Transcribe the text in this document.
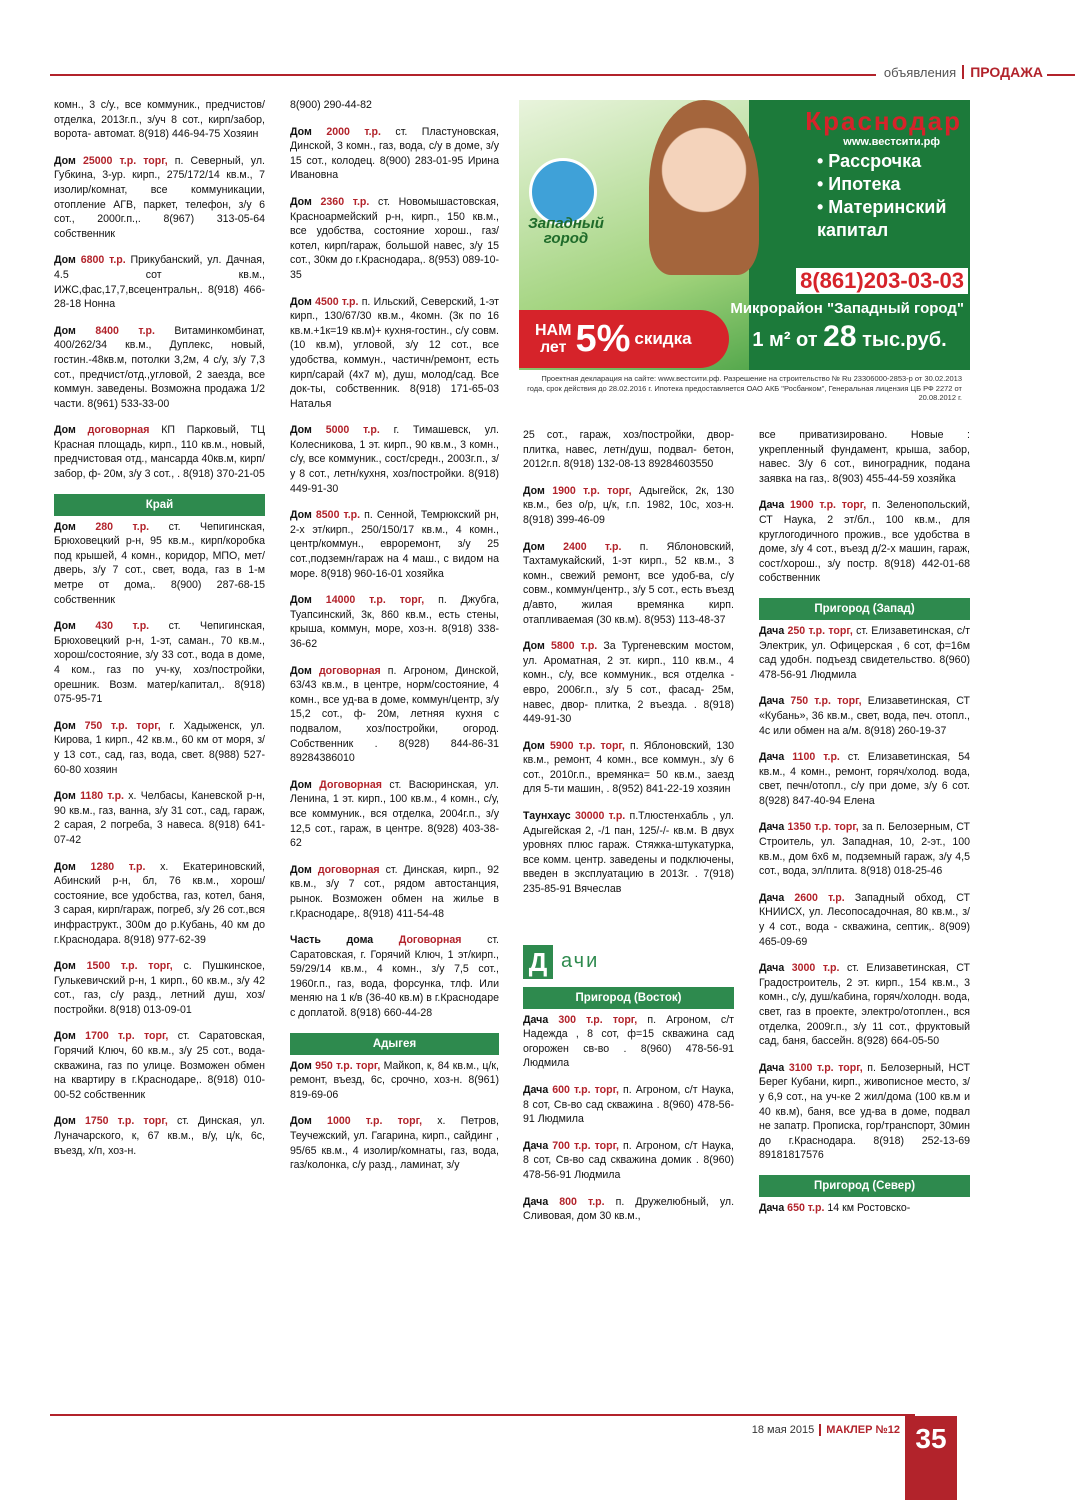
объявления ПРОДАЖА
комн., 3 с/у., все коммуник., предчистов/отделка, 2013г.п., з/уч 8 сот., кирп/забор, ворота- автомат. 8(918) 446-94-75 Хозяин
Дом 25000 т.р. торг, п. Северный, ул. Губкина, 3-ур. кирп., 275/172/14 кв.м., 7 изолир/комнат, все коммуникации, отопление АГВ, паркет, телефон, з/у 6 сот., 2000г.п.,. 8(967) 313-05-64 собственник
Дом 6800 т.р. Прикубанский, ул. Дачная, 4.5 сот кв.м., ИЖС,фас,17,7,всецентральн,. 8(918) 466-28-18 Нонна
Дом 8400 т.р. Витаминкомбинат, 400/262/34 кв.м., Дуплекс, новый, гостин.-48кв.м, потолки 3,2м, 4 с/у, з/у 7,3 сот., предчист/отд.,угловой, 2 заезда, все коммун. заведены. Возможна продажа 1/2 части. 8(961) 533-33-00
Дом договорная КП Парковый, ТЦ Красная площадь, кирп., 110 кв.м., новый, предчистовая отд., мансарда 40кв.м, кирп/забор, ф- 20м, з/у 3 сот., . 8(918) 370-21-05
Край
Дом 280 т.р. ст. Чепигинская, Брюховецкий р-н, 95 кв.м., кирп/коробка под крышей, 4 комн., коридор, МПО, мет/дверь, з/у 7 сот., свет, вода, газ в 1-м метре от дома,. 8(900) 287-68-15 собственник
Дом 430 т.р. ст. Чепигинская, Брюховецкий р-н, 1-эт, саман., 70 кв.м., хорош/состояние, з/у 33 сот., вода в доме, 4 ком., газ по уч-ку, хоз/постройки, орешник. Возм. матер/капитал,. 8(918) 075-95-71
Дом 750 т.р. торг, г. Хадыженск, ул. Кирова, 1 кирп., 42 кв.м., 60 км от моря, з/у 13 сот., сад, газ, вода, свет. 8(988) 527-60-80 хозяин
Дом 1180 т.р. х. Челбасы, Каневской р-н, 90 кв.м., газ, ванна, з/у 31 сот., сад, гараж, 2 сарая, 2 погреба, 3 навеса. 8(918) 641-07-42
Дом 1280 т.р. х. Екатериновский, Абинский р-н, бл, 76 кв.м., хорош/состояние, все удобства, газ, котел, баня, 3 сарая, кирп/гараж, погреб, з/у 26 сот.,вся инфраструкт., 300м до р.Кубань, 40 км до г.Краснодара. 8(918) 977-62-39
Дом 1500 т.р. торг, с. Пушкинское, Гулькевичский р-н, 1 кирп., 60 кв.м., з/у 42 сот., газ, с/у разд., летний душ, хоз/постройки. 8(918) 013-09-01
Дом 1700 т.р. торг, ст. Саратовская, Горячий Ключ, 60 кв.м., з/у 25 сот., вода- скважина, газ по улице. Возможен обмен на квартиру в г.Краснодаре,. 8(918) 010-00-52 собственник
Дом 1750 т.р. торг, ст. Динская, ул. Луначарского, к, 67 кв.м., в/у, ц/к, 6с, въезд, х/п, хоз-н.
8(900) 290-44-82
Дом 2000 т.р. ст. Пластуновская, Динской, 3 комн., газ, вода, с/у в доме, з/у 15 сот., колодец. 8(900) 283-01-95 Ирина Ивановна
Дом 2360 т.р. ст. Новомышастовская, Красноармейский р-н, кирп., 150 кв.м., все удобства, состояние хорош., газ/котел, кирп/гараж, большой навес, з/у 15 сот., 30км до г.Краснодара,. 8(953) 089-10-35
Дом 4500 т.р. п. Ильский, Северский, 1-эт кирп., 130/67/30 кв.м., 4комн. (3к по 16 кв.м.+1к=19 кв.м)+ кухня-гостин., с/у совм. (10 кв.м), угловой, з/у 12 сот., все удобства, коммун., частичн/ремонт, есть кирп/сарай (4х7 м), душ, молод/сад. Все док-ты, собственник. 8(918) 171-65-03 Наталья
Дом 5000 т.р. г. Тимашевск, ул. Колесникова, 1 эт. кирп., 90 кв.м., 3 комн., с/у, все коммуник., сост/средн., 2003г.п., з/у 8 сот., летн/кухня, хоз/постройки. 8(918) 449-91-30
Дом 8500 т.р. п. Сенной, Темрюкский рн, 2-х эт/кирп., 250/150/17 кв.м., 4 комн., центр/коммун., евроремонт, з/у 25 сот.,подземн/гараж на 4 маш., с видом на море. 8(918) 960-16-01 хозяйка
Дом 14000 т.р. торг, п. Джубга, Туапсинский, 3к, 860 кв.м., есть стены, крыша, коммун, море, хоз-н. 8(918) 338-36-62
Дом договорная п. Агроном, Динской, 63/43 кв.м., в центре, норм/состояние, 4 комн., все уд-ва в доме, коммун/центр, з/у 15,2 сот., ф- 20м, летняя кухня с подвалом, хоз/постройки, огород. Собственник . 8(928) 844-86-31 89284386010
Дом Договорная ст. Васюринская, ул. Ленина, 1 эт. кирп., 100 кв.м., 4 комн., с/у, все коммуник., вся отделка, 2004г.п., з/у 12,5 сот., гараж, в центре. 8(928) 403-38-62
Дом договорная ст. Динская, кирп., 92 кв.м., з/у 7 сот., рядом автостанция, рынок. Возможен обмен на жилье в г.Краснодаре,. 8(918) 411-54-48
Часть дома Договорная ст. Саратовская, г. Горячий Ключ, 1 эт/кирп., 59/29/14 кв.м., 4 комн., з/у 7,5 сот., 1960г.п., газ, вода, форсунка, тлф. Или меняю на 1 к/в (36-40 кв.м) в г.Краснодаре с доплатой. 8(918) 660-44-28
Адыгея
Дом 950 т.р. торг, Майкоп, к, 84 кв.м., ц/к, ремонт, въезд, 6с, срочно, хоз-н. 8(961) 819-69-06
Дом 1000 т.р. торг, х. Петров, Теучежский, ул. Гагарина, кирп., сайдинг , 95/65 кв.м., 4 изолир/комнаты, газ, вода, газ/колонка, с/у разд., ламинат, з/у
Западный город
Краснодар
www.вестсити.рф
• Рассрочка
• Ипотека
• Материнский
капитал
8(861)203-03-03
Микрорайон "Западный город"
НАМ
лет 5% скидка	1 м² от 28 тыс.руб.
Проектная декларация на сайте: www.вестсити.рф. Разрешение на строительство № Ru 23306000-2853-р от 30.02.2013 года, срок действия до 28.02.2016 г. Ипотека предоставляется ОАО АКБ "Росбанком", Генеральная лицензия ЦБ РФ 2272 от 20.08.2012 г.
25 сот., гараж, хоз/постройки, двор- плитка, навес, летн/душ, подвал- бетон, 2012г.п. 8(918) 132-08-13 89284603550
Дом 1900 т.р. торг, Адыгейск, 2к, 130 кв.м., без о/р, ц/к, г.п. 1982, 10с, хоз-н. 8(918) 399-46-09
Дом 2400 т.р. п. Яблоновский, Тахтамукайский, 1-эт кирп., 52 кв.м., 3 комн., свежий ремонт, все удоб-ва, с/у совм., коммун/центр., з/у 5 сот., есть въезд д/авто, жилая времянка кирп. отапливаемая (30 кв.м). 8(953) 113-48-37
Дом 5800 т.р. За Тургеневским мостом, ул. Ароматная, 2 эт. кирп., 110 кв.м., 4 комн., с/у, все коммуник., вся отделка - евро, 2006г.п., з/у 5 сот., фасад- 25м, навес, двор- плитка, 2 въезда. . 8(918) 449-91-30
Дом 5900 т.р. торг, п. Яблоновский, 130 кв.м., ремонт, 4 комн., все коммун., з/у 6 сот., 2010г.п., времянка= 50 кв.м., заезд для 5-ти машин, . 8(952) 841-22-19 хозяин
Таунхаус 30000 т.р. п.Тлюстенхабль , ул. Адыгейская 2, -/1 пан, 125/-/- кв.м. В двух уровнях плюс гараж. Стяжка-штукатурка, все комм. центр. заведены и подключены, введен в эксплуатацию в 2013г. . 7(918) 235-85-91 Вячеслав
Д ачи
Пригород (Восток)
Дача 300 т.р. торг, п. Агроном, с/т Надежда , 8 сот, ф=15 скважина сад огорожен св-во . 8(960) 478-56-91 Людмила
Дача 600 т.р. торг, п. Агроном, с/т Наука, 8 сот, Св-во сад скважина . 8(960) 478-56-91 Людмила
Дача 700 т.р. торг, п. Агроном, с/т Наука, 8 сот, Св-во сад скважина домик . 8(960) 478-56-91 Людмила
Дача 800 т.р. п. Дружелюбный, ул. Сливовая, дом 30 кв.м.,
все приватизировано. Новые : укрепленный фундамент, крыша, забор, навес. З/у 6 сот., виноградник, подана заявка на газ,. 8(903) 455-44-59 хозяйка
Дача 1900 т.р. торг, п. Зеленопольский, СТ Наука, 2 эт/бл., 100 кв.м., для круглогодичного прожив., все удобства в доме, з/у 4 сот., въезд д/2-х машин, гараж, сост/хорош., з/у постр. 8(918) 442-01-68 собственник
Пригород (Запад)
Дача 250 т.р. торг, ст. Елизаветинская, с/т Электрик, ул. Офицерская , 6 сот, ф=16м сад удобн. подъезд свидетельство. 8(960) 478-56-91 Людмила
Дача 750 т.р. торг, Елизаветинская, СТ «Кубань», 36 кв.м., свет, вода, печ. отопл., 4с или обмен на а/м. 8(918) 260-19-37
Дача 1100 т.р. ст. Елизаветинская, 54 кв.м., 4 комн., ремонт, горяч/холод. вода, свет, печн/отопл., с/у при доме, з/у 6 сот. 8(928) 847-40-94 Елена
Дача 1350 т.р. торг, за п. Белозерным, СТ Строитель, ул. Западная, 10, 2-эт., 100 кв.м., дом 6х6 м, подземный гараж, з/у 4,5 сот., вода, эл/плита. 8(918) 018-25-46
Дача 2600 т.р. Западный обход, СТ КНИИСХ, ул. Лесопосадочная, 80 кв.м., з/у 4 сот., вода - скважина, септик,. 8(909) 465-09-69
Дача 3000 т.р. ст. Елизаветинская, СТ Градостроитель, 2 эт. кирп., 154 кв.м., 3 комн., с/у, душ/кабина, горяч/холодн. вода, свет, газ в проекте, электро/отоплен., вся отделка, 2009г.п., з/у 11 сот., фруктовый сад, баня, бассейн. 8(928) 664-05-50
Дача 3100 т.р. торг, п. Белозерный, НСТ Берег Кубани, кирп., живописное место, з/у 6,9 сот., на уч-ке 2 жил/дома (100 кв.м и 40 кв.м), баня, все уд-ва в доме, подвал не запатр. Прописка, гор/транспорт, 30мин до г.Краснодара. 8(918) 252-13-69 89181817576
Пригород (Север)
Дача 650 т.р. 14 км Ростовско-
18 мая 2015 МАКЛЕР №12 35
